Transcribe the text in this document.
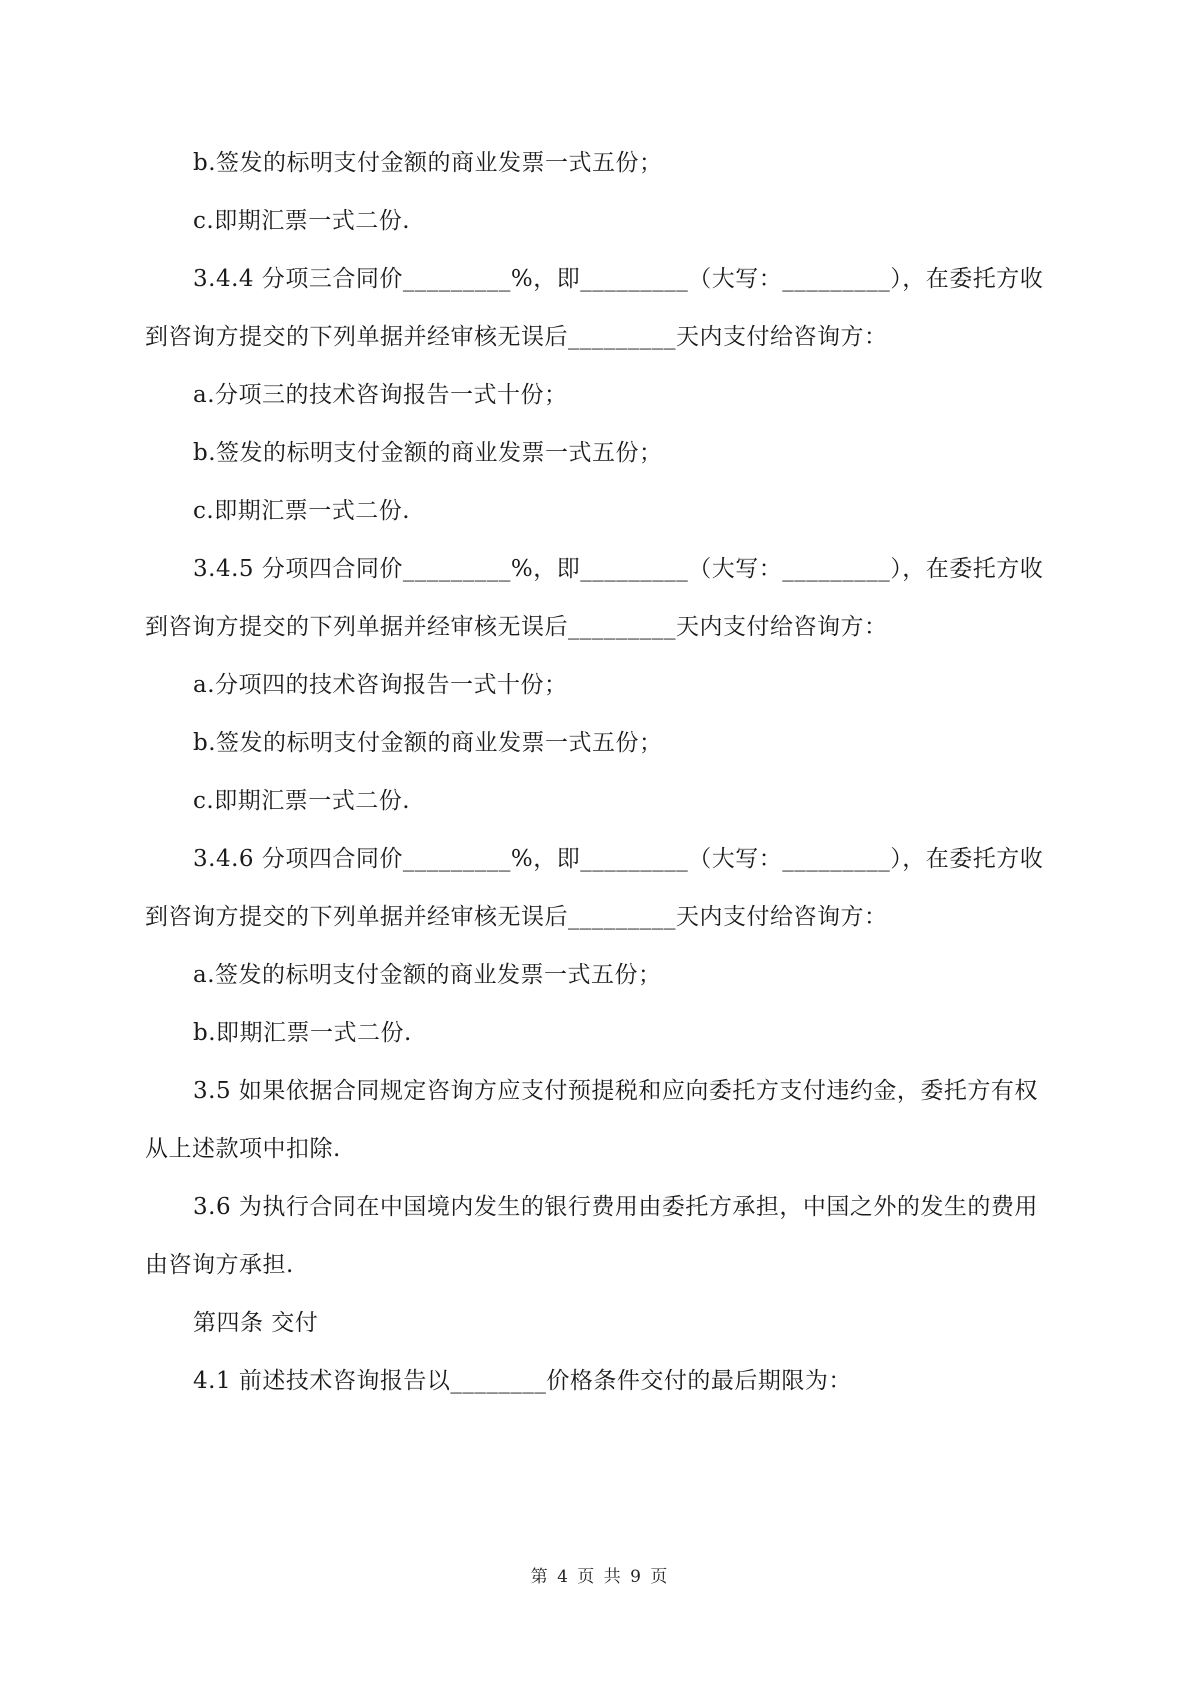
b.签发的标明支付金额的商业发票一式五份；
c.即期汇票一式二份.
3.4.4 分项三合同价_________%，即_________（大写：_________），在委托方收
到咨询方提交的下列单据并经审核无误后_________天内支付给咨询方：
a.分项三的技术咨询报告一式十份；
b.签发的标明支付金额的商业发票一式五份；
c.即期汇票一式二份.
3.4.5 分项四合同价_________%，即_________（大写：_________），在委托方收
到咨询方提交的下列单据并经审核无误后_________天内支付给咨询方：
a.分项四的技术咨询报告一式十份；
b.签发的标明支付金额的商业发票一式五份；
c.即期汇票一式二份.
3.4.6 分项四合同价_________%，即_________（大写：_________），在委托方收
到咨询方提交的下列单据并经审核无误后_________天内支付给咨询方：
a.签发的标明支付金额的商业发票一式五份；
b.即期汇票一式二份.
3.5 如果依据合同规定咨询方应支付预提税和应向委托方支付违约金，委托方有权
从上述款项中扣除.
3.6 为执行合同在中国境内发生的银行费用由委托方承担，中国之外的发生的费用
由咨询方承担.
第四条 交付
4.1 前述技术咨询报告以________价格条件交付的最后期限为：
第 4 页 共 9 页
